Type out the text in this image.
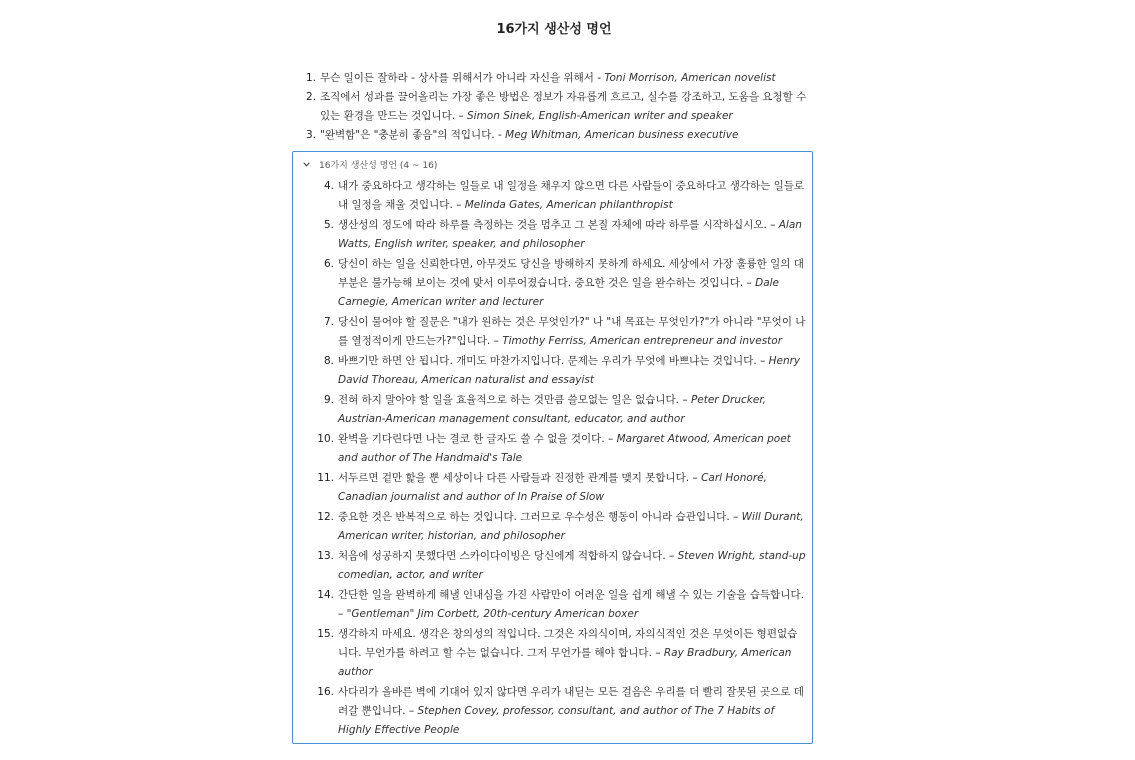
16가지 생산성 명언
1. 무슨 일이든 잘하라 - 상사를 위해서가 아니라 자신을 위해서 - Toni Morrison, American novelist
2. 조직에서 성과를 끌어올리는 가장 좋은 방법은 정보가 자유롭게 흐르고, 실수를 강조하고, 도움을 요청할 수 있는 환경을 만드는 것입니다. – Simon Sinek, English-American writer and speaker
3. "완벽함"은 "충분히 좋음"의 적입니다. - Meg Whitman, American business executive
16가지 생산성 명언 (4 ~ 16)
4. 내가 중요하다고 생각하는 일들로 내 일정을 채우지 않으면 다른 사람들이 중요하다고 생각하는 일들로 내 일정을 채울 것입니다. – Melinda Gates, American philanthropist
5. 생산성의 정도에 따라 하루를 측정하는 것을 멈추고 그 본질 자체에 따라 하루를 시작하십시오. – Alan Watts, English writer, speaker, and philosopher
6. 당신이 하는 일을 신뢰한다면, 아무것도 당신을 방해하지 못하게 하세요. 세상에서 가장 훌륭한 일의 대부분은 불가능해 보이는 것에 맞서 이루어졌습니다. 중요한 것은 일을 완수하는 것입니다. – Dale Carnegie, American writer and lecturer
7. 당신이 물어야 할 질문은 "내가 원하는 것은 무엇인가?" 나 "내 목표는 무엇인가?"가 아니라 "무엇이 나를 열정적이게 만드는가?"입니다. – Timothy Ferriss, American entrepreneur and investor
8. 바쁘기만 하면 안 됩니다. 개미도 마찬가지입니다. 문제는 우리가 무엇에 바쁘냐는 것입니다. – Henry David Thoreau, American naturalist and essayist
9. 전혀 하지 말아야 할 일을 효율적으로 하는 것만큼 쓸모없는 일은 없습니다. – Peter Drucker, Austrian-American management consultant, educator, and author
10. 완벽을 기다린다면 나는 결코 한 글자도 쓸 수 없을 것이다. – Margaret Atwood, American poet and author of The Handmaid's Tale
11. 서두르면 겉만 핥을 뿐 세상이나 다른 사람들과 진정한 관계를 맺지 못합니다. – Carl Honoré, Canadian journalist and author of In Praise of Slow
12. 중요한 것은 반복적으로 하는 것입니다. 그러므로 우수성은 행동이 아니라 습관입니다. – Will Durant, American writer, historian, and philosopher
13. 처음에 성공하지 못했다면 스카이다이빙은 당신에게 적합하지 않습니다. – Steven Wright, stand-up comedian, actor, and writer
14. 간단한 일을 완벽하게 해낼 인내심을 가진 사람만이 어려운 일을 쉽게 해낼 수 있는 기술을 습득합니다. – "Gentleman" Jim Corbett, 20th-century American boxer
15. 생각하지 마세요. 생각은 창의성의 적입니다. 그것은 자의식이며, 자의식적인 것은 무엇이든 형편없습니다. 무언가를 하려고 할 수는 없습니다. 그저 무언가를 해야 합니다. – Ray Bradbury, American author
16. 사다리가 올바른 벽에 기대어 있지 않다면 우리가 내딛는 모든 걸음은 우리를 더 빨리 잘못된 곳으로 데려갈 뿐입니다. – Stephen Covey, professor, consultant, and author of The 7 Habits of Highly Effective People
